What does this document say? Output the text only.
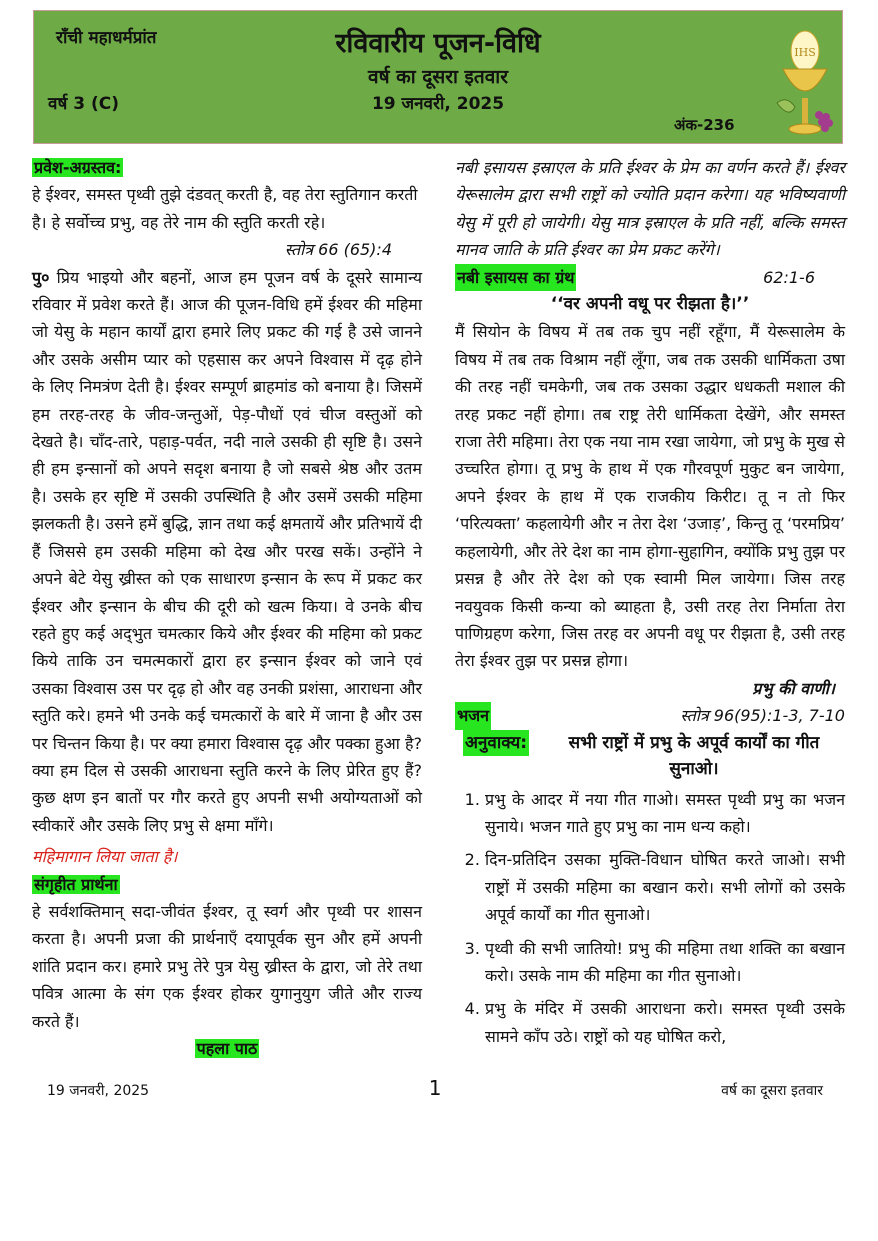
राँची महाधर्मप्रांत
वर्ष 3 (C)
रविवारीय पूजन-विधि
वर्ष का दूसरा इतवार
19 जनवरी, 2025
अंक-236
IHS
प्रवेश-अग्रस्तव:

हे ईश्वर, समस्त पृथ्वी तुझे दंडवत् करती है, वह तेरा स्तुतिगान करती है। हे सर्वोच्च प्रभु, वह तेरे नाम की स्तुति करती रहे।

स्तोत्र 66 (65):4

पु० प्रिय भाइयो और बहनों, आज हम पूजन वर्ष के दूसरे सामान्य रविवार में प्रवेश करते हैं। आज की पूजन-विधि हमें ईश्वर की महिमा जो येसु के महान कार्यों द्वारा हमारे लिए प्रकट की गई है उसे जानने और उसके असीम प्यार को एहसास कर अपने विश्वास में दृढ़ होने के लिए निमत्रंण देती है। ईश्वर सम्पूर्ण ब्राहमांड को बनाया है। जिसमें हम तरह-तरह के जीव-जन्तुओं, पेड़-पौधों एवं चीज वस्तुओं को देखते है। चाँद-तारे, पहाड़-पर्वत, नदी नाले उसकी ही सृष्टि है। उसने ही हम इन्सानों को अपने सदृश बनाया है जो सबसे श्रेष्ठ और उतम है। उसके हर सृष्टि में उसकी उपस्थिति है और उसमें उसकी महिमा झलकती है। उसने हमें बुद्धि, ज्ञान तथा कई क्षमतायें और प्रतिभायें दी हैं जिससे हम उसकी महिमा को देख और परख सकें। उन्होंने ने अपने बेटे येसु ख्रीस्त को एक साधारण इन्सान के रूप में प्रकट कर ईश्वर और इन्सान के बीच की दूरी को खत्म किया। वे उनके बीच रहते हुए कई अद्‌भुत चमत्कार किये और ईश्वर की महिमा को प्रकट किये ताकि उन चमत्मकारों द्वारा हर इन्सान ईश्वर को जाने एवं उसका विश्वास उस पर दृढ़ हो और वह उनकी प्रशंसा, आराधना और स्तुति करे। हमने भी उनके कई चमत्कारों के बारे में जाना है और उस पर चिन्तन किया है। पर क्या हमारा विश्वास दृढ़ और पक्का हुआ है? क्या हम दिल से उसकी आराधना स्तुति करने के लिए प्रेरित हुए हैं? कुछ क्षण इन बातों पर गौर करते हुए अपनी सभी अयोग्यताओं को स्वीकारें और उसके लिए प्रभु से क्षमा माँगे।

महिमागान लिया जाता है।
संगृहीत प्रार्थना

हे सर्वशक्तिमान् सदा-जीवंत ईश्वर, तू स्वर्ग और पृथ्वी पर शासन करता है। अपनी प्रजा की प्रार्थनाएँ दयापूर्वक सुन और हमें अपनी शांति प्रदान कर। हमारे प्रभु तेरे पुत्र येसु ख्रीस्त के द्वारा, जो तेरे तथा पवित्र आत्मा के संग एक ईश्वर होकर युगानुयुग जीते और राज्य करते हैं।

पहला पाठ

नबी इसायस इस्राएल के प्रति ईश्वर के प्रेम का वर्णन करते हैं। ईश्वर येरूसालेम द्वारा सभी राष्ट्रों को ज्योति प्रदान करेगा। यह भविष्यवाणी येसु में पूरी हो जायेगी। येसु मात्र इस्राएल के प्रति नहीं, बल्कि समस्त मानव जाति के प्रति ईश्वर का प्रेम प्रकट करेंगे।

नबी इसायस का ग्रंथ	62:1-6
‘‘वर अपनी वधू पर रीझता है।’’

मैं सियोन के विषय में तब तक चुप नहीं रहूँगा, मैं येरूसालेम के विषय में तब तक विश्राम नहीं लूँगा, जब तक उसकी धार्मिकता उषा की तरह नहीं चमकेगी, जब तक उसका उद्धार धधकती मशाल की तरह प्रकट नहीं होगा। तब राष्ट्र तेरी धार्मिकता देखेंगे, और समस्त राजा तेरी महिमा। तेरा एक नया नाम रखा जायेगा, जो प्रभु के मुख से उच्चरित होगा। तू प्रभु के हाथ में एक गौरवपूर्ण मुकुट बन जायेगा, अपने ईश्वर के हाथ में एक राजकीय किरीट। तू न तो फिर ‘परित्यक्ता’ कहलायेगी और न तेरा देश ‘उजाड़’, किन्तु तू ‘परमप्रिय’ कहलायेगी, और तेरे देश का नाम होगा-सुहागिन, क्योंकि प्रभु तुझ पर प्रसन्न है और तेरे देश को एक स्वामी मिल जायेगा। जिस तरह नवयुवक किसी कन्या को ब्याहता है, उसी तरह तेरा निर्माता तेरा पाणिग्रहण करेगा, जिस तरह वर अपनी वधू पर रीझता है, उसी तरह तेरा ईश्वर तुझ पर प्रसन्न होगा।

प्रभु की वाणी।
भजन	स्तोत्र 96(95):1-3, 7-10
अनुवाक्य:	सभी राष्ट्रों में प्रभु के अपूर्व कार्यों का गीत सुनाओ।
1. प्रभु के आदर में नया गीत गाओ। समस्त पृथ्वी प्रभु का भजन सुनाये। भजन गाते हुए प्रभु का नाम धन्य कहो।
2. दिन-प्रतिदिन उसका मुक्ति-विधान घोषित करते जाओ। सभी राष्ट्रों में उसकी महिमा का बखान करो। सभी लोगों को उसके अपूर्व कार्यों का गीत सुनाओ।
3. पृथ्वी की सभी जातियो! प्रभु की महिमा तथा शक्ति का बखान करो। उसके नाम की महिमा का गीत सुनाओ।
4. प्रभु के मंदिर में उसकी आराधना करो। समस्त पृथ्वी उसके सामने काँप उठे। राष्ट्रों को यह घोषित करो,
19 जनवरी, 2025	1	वर्ष का दूसरा इतवार
